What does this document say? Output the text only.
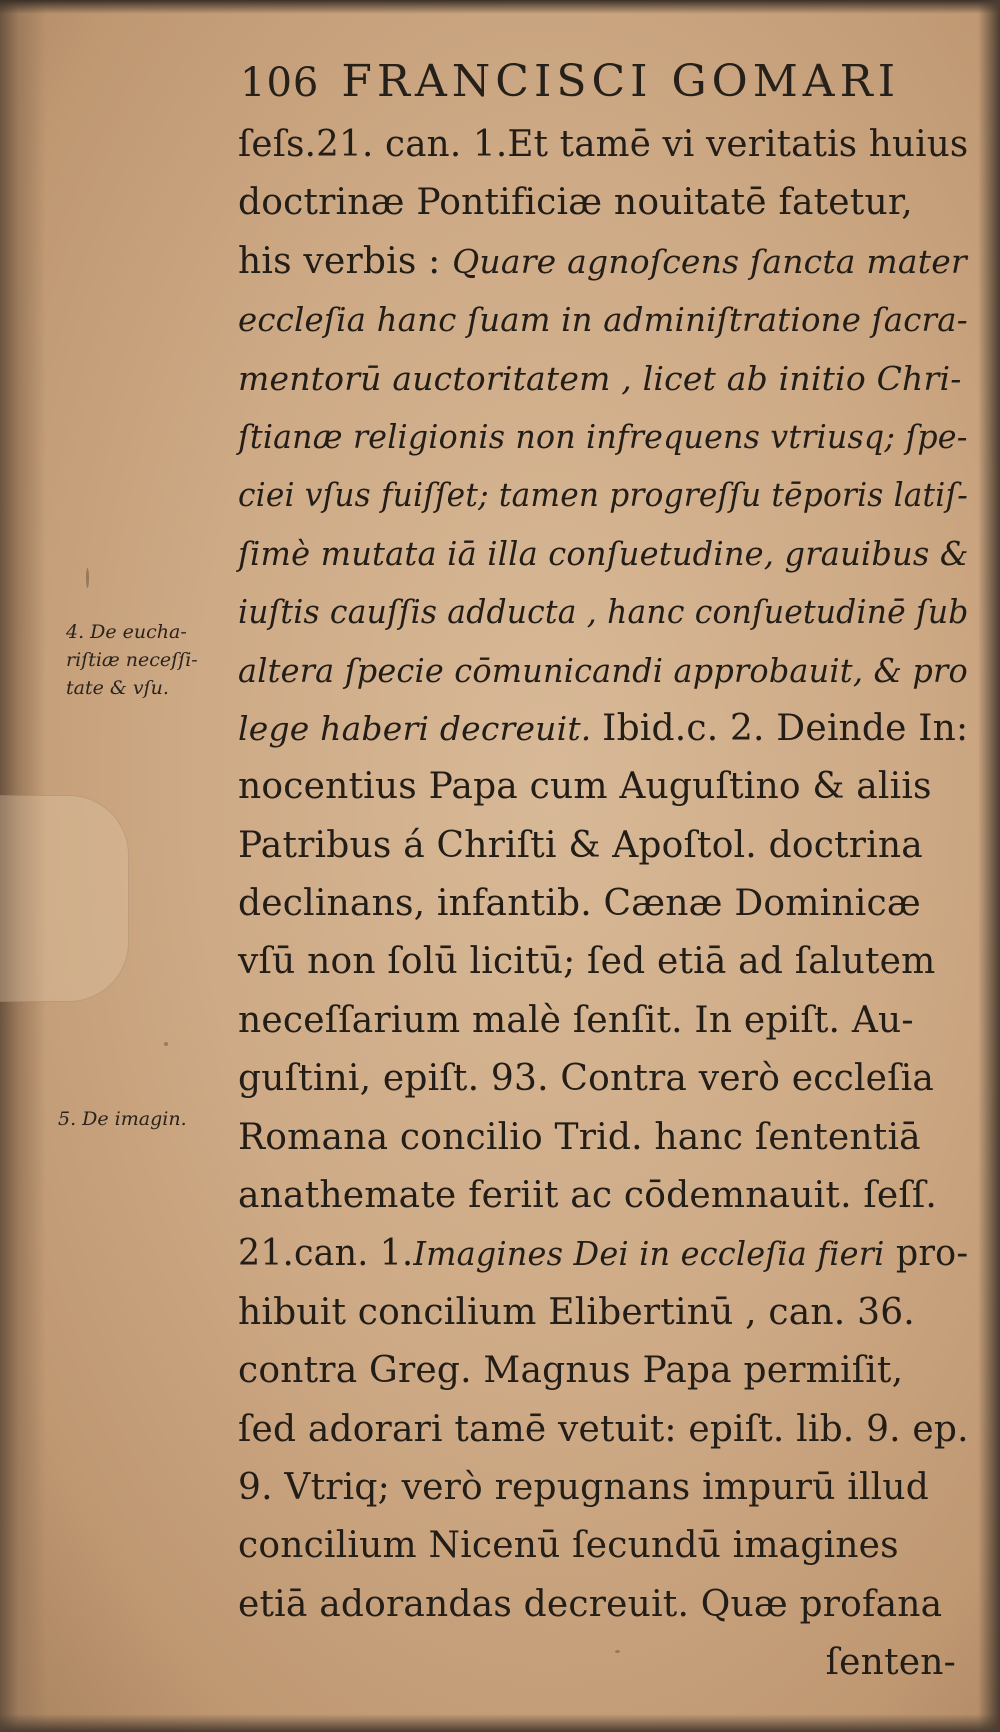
106 FRANCISCI GOMARI
ſeſs.21. can. 1.Et tamē vi veritatis huius
doctrinæ Pontificiæ nouitatē fatetur,
his verbis : Quare agnoſcens ſancta mater
eccleſia hanc ſuam in adminiſtratione ſacra-
mentorū auctoritatem , licet ab initio Chri-
ſtianæ religionis non infrequens vtriusq; ſpe-
ciei vſus fuiſſet; tamen progreſſu tēporis latiſ-
ſimè mutata iā illa conſuetudine, grauibus &
iuſtis cauſſis adducta , hanc conſuetudinē ſub
altera ſpecie cōmunicandi approbauit, & pro
lege haberi decreuit. Ibid.c. 2. Deinde In:
nocentius Papa cum Auguſtino & aliis
Patribus á Chriſti & Apoſtol. doctrina
declinans, infantib. Cænæ Dominicæ
vſū non ſolū licitū; ſed etiā ad ſalutem
neceſſarium malè ſenſit. In epiſt. Au-
guſtini, epiſt. 93. Contra verò eccleſia
Romana concilio Trid. hanc ſententiā
anathemate feriit ac cōdemnauit. ſeſſ.
21.can. 1.Imagines Dei in eccleſia fieri pro-
hibuit concilium Elibertinū , can. 36.
contra Greg. Magnus Papa permiſit,
ſed adorari tamē vetuit: epiſt. lib. 9. ep.
9. Vtriq; verò repugnans impurū illud
concilium Nicenū ſecundū imagines
etiā adorandas decreuit. Quæ profana
ſenten-
4. De eucha-
riſtiæ neceſſi-
tate & vſu.
5. De imagin.
